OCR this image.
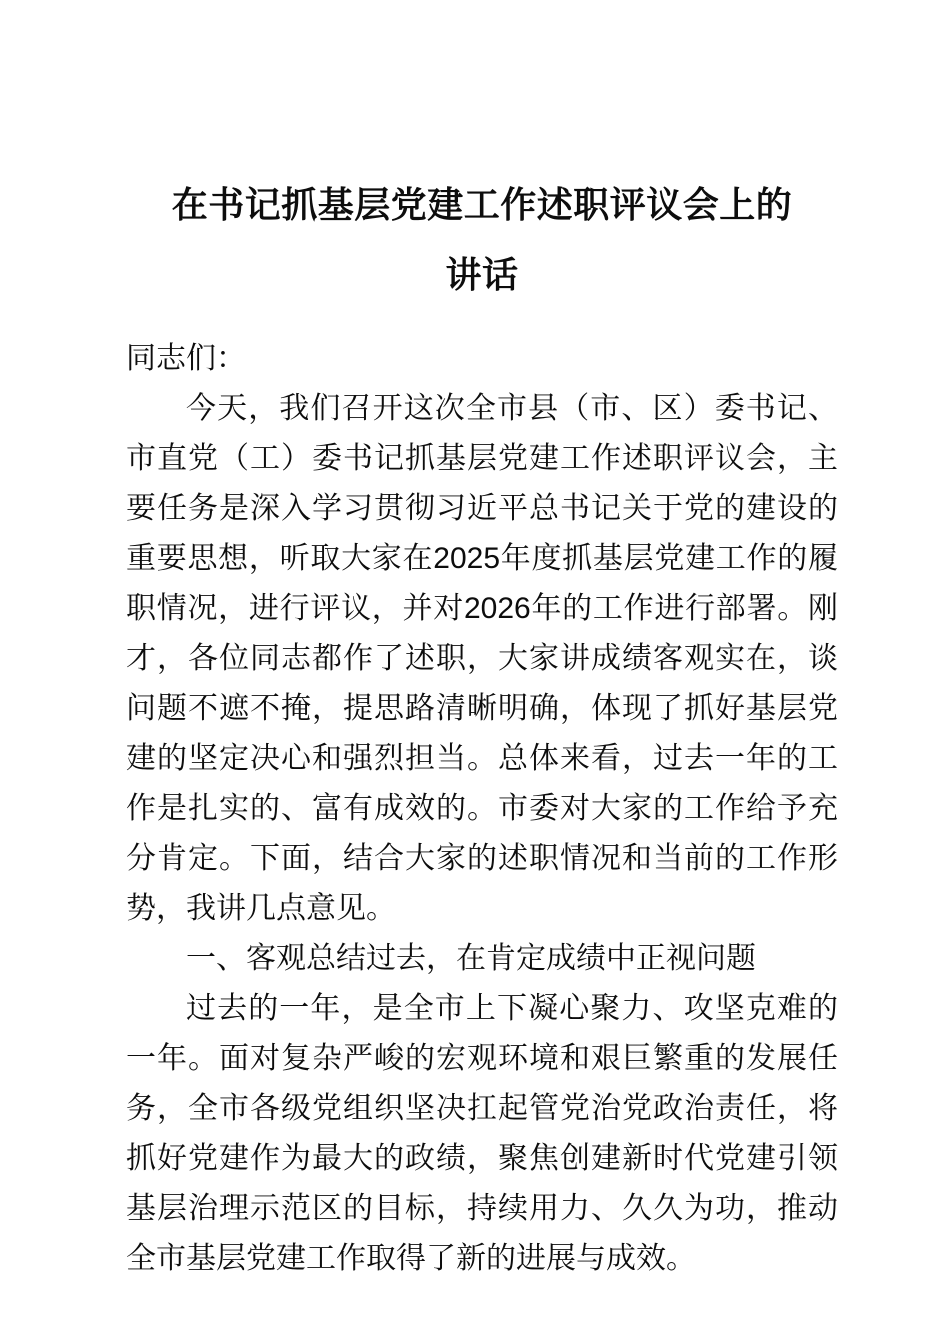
在书记抓基层党建工作述职评议会上的
讲话

同志们：

今天，我们召开这次全市县（市、区）委书记、市直党（工）委书记抓基层党建工作述职评议会，主要任务是深入学习贯彻习近平总书记关于党的建设的重要思想，听取大家在2025年度抓基层党建工作的履职情况，进行评议，并对2026年的工作进行部署。刚才，各位同志都作了述职，大家讲成绩客观实在，谈问题不遮不掩，提思路清晰明确，体现了抓好基层党建的坚定决心和强烈担当。总体来看，过去一年的工作是扎实的、富有成效的。市委对大家的工作给予充分肯定。下面，结合大家的述职情况和当前的工作形势，我讲几点意见。

一、客观总结过去，在肯定成绩中正视问题

过去的一年，是全市上下凝心聚力、攻坚克难的一年。面对复杂严峻的宏观环境和艰巨繁重的发展任务，全市各级党组织坚决扛起管党治党政治责任，将抓好党建作为最大的政绩，聚焦创建新时代党建引领基层治理示范区的目标，持续用力、久久为功，推动全市基层党建工作取得了新的进展与成效。
